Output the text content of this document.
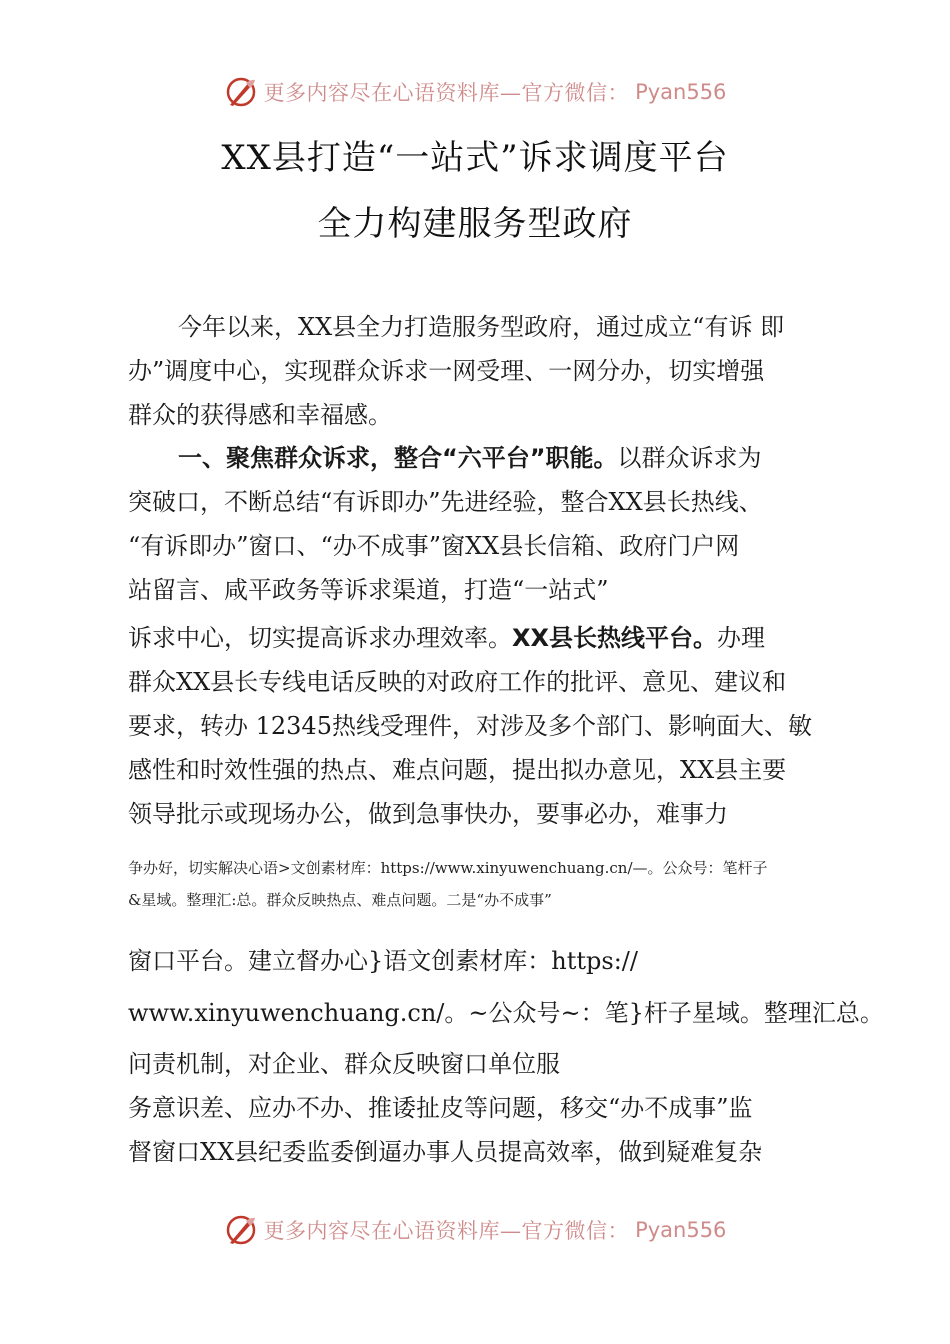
更多内容尽在心语资料库—官方微信： Pyan556
XX县打造“一站式”诉求调度平台
全力构建服务型政府
今年以来，XX县全力打造服务型政府，通过成立“有诉 即
办”调度中心，实现群众诉求一网受理、一网分办，切实增强
群众的获得感和幸福感。
一、聚焦群众诉求，整合“六平台”职能。以群众诉求为
突破口，不断总结“有诉即办”先进经验，整合XX县长热线、
“有诉即办”窗口、“办不成事”窗XX县长信箱、政府门户网
站留言、咸平政务等诉求渠道，打造“一站式”
诉求中心，切实提高诉求办理效率。XX县长热线平台。办理
群众XX县长专线电话反映的对政府工作的批评、意见、建议和
要求，转办 12345热线受理件，对涉及多个部门、影响面大、敏
感性和时效性强的热点、难点问题，提出拟办意见，XX县主要
领导批示或现场办公，做到急事快办，要事必办，难事力
争办好，切实解决心语>文创素材库：https://www.xinyuwenchuang.cn/—。公众号：笔杆子
&星域。整理汇:总。群众反映热点、难点问题。二是“办不成事”
窗口平台。建立督办心}语文创素材库：https://
www.xinyuwenchuang.cn/。~公众号~：笔}杆子星域。整理汇总。
问责机制，对企业、群众反映窗口单位服
务意识差、应办不办、推诿扯皮等问题，移交“办不成事”监
督窗口XX县纪委监委倒逼办事人员提高效率，做到疑难复杂
更多内容尽在心语资料库—官方微信： Pyan556
